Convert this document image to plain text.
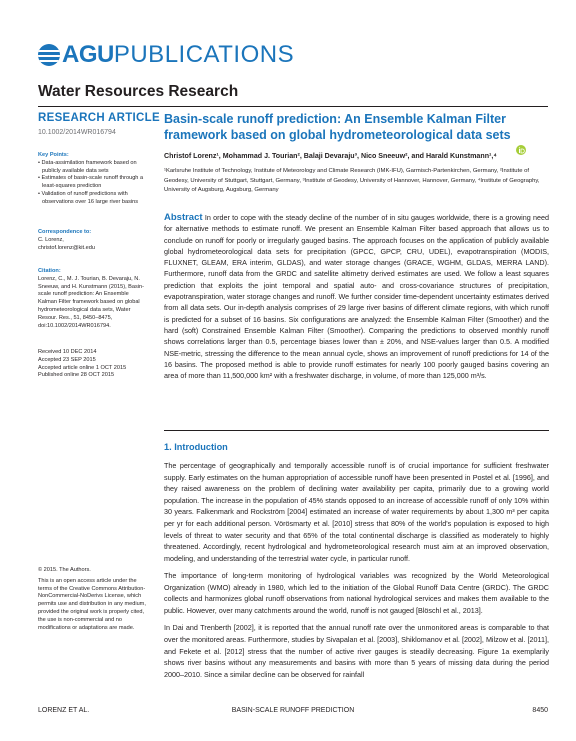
AGU PUBLICATIONS
Water Resources Research
RESEARCH ARTICLE
10.1002/2014WR016794
Basin-scale runoff prediction: An Ensemble Kalman Filter framework based on global hydrometeorological data sets
Christof Lorenz¹, Mohammad J. Tourian², Balaji Devaraju³, Nico Sneeuw², and Harald Kunstmann¹,⁴
¹Karlsruhe Institute of Technology, Institute of Meteorology and Climate Research (IMK-IFU), Garmisch-Partenkirchen, Germany, ²Institute of Geodesy, University of Stuttgart, Stuttgart, Germany, ³Institute of Geodesy, University of Hannover, Hannover, Germany, ⁴Institute of Geography, University of Augsburg, Augsburg, Germany
Key Points:
• Data-assimilation framework based on publicly available data sets
• Estimates of basin-scale runoff through a least-squares prediction
• Validation of runoff predictions with observations over 16 large river basins
Correspondence to:
C. Lorenz,
christof.lorenz@kit.edu
Citation:
Lorenz, C., M. J. Tourian, B. Devaraju, N. Sneeuw, and H. Kunstmann (2015), Basin-scale runoff prediction: An Ensemble Kalman Filter framework based on global hydrometeorological data sets, Water Resour. Res., 51, 8450–8475, doi:10.1002/2014WR016794.
Received 10 DEC 2014
Accepted 23 SEP 2015
Accepted article online 1 OCT 2015
Published online 28 OCT 2015
© 2015. The Authors.
This is an open access article under the terms of the Creative Commons Attribution-NonCommercial-NoDerivs License, which permits use and distribution in any medium, provided the original work is properly cited, the use is non-commercial and no modifications or adaptations are made.
Abstract In order to cope with the steady decline of the number of in situ gauges worldwide, there is a growing need for alternative methods to estimate runoff. We present an Ensemble Kalman Filter based approach that allows us to conclude on runoff for poorly or irregularly gauged basins. The approach focuses on the application of publicly available global hydrometeorological data sets for precipitation (GPCC, GPCP, CRU, UDEL), evapotranspiration (MODIS, FLUXNET, GLEAM, ERA interim, GLDAS), and water storage changes (GRACE, WGHM, GLDAS, MERRA LAND). Furthermore, runoff data from the GRDC and satellite altimetry derived estimates are used. We follow a least squares prediction that exploits the joint temporal and spatial auto- and cross-covariance structures of precipitation, evapotranspiration, water storage changes and runoff. We further consider time-dependent uncertainty estimates derived from all data sets. Our in-depth analysis comprises of 29 large river basins of different climate regions, with which runoff is predicted for a subset of 16 basins. Six configurations are analyzed: the Ensemble Kalman Filter (Smoother) and the hard (soft) Constrained Ensemble Kalman Filter (Smoother). Comparing the predictions to observed monthly runoff shows correlations larger than 0.5, percentage biases lower than ± 20%, and NSE-values larger than 0.5. A modified NSE-metric, stressing the difference to the mean annual cycle, shows an improvement of runoff predictions for 14 of the 16 basins. The proposed method is able to provide runoff estimates for nearly 100 poorly gauged basins covering an area of more than 11,500,000 km² with a freshwater discharge, in volume, of more than 125,000 m³/s.
1. Introduction

The percentage of geographically and temporally accessible runoff is of crucial importance for sufficient freshwater supply. Early estimates on the human appropriation of accessible runoff have been presented in Postel et al. [1996], and they raised awareness on the problem of declining water availability per capita, primarily due to a growing world population. The increase in the population of 45% stands opposed to an increase of accessible runoff of only 10% within 30 years. Falkenmark and Rockström [2004] estimated an increase of water requirements by about 1,300 m³ per capita per yr for each additional person. Vörösmarty et al. [2010] stress that 80% of the world's population is exposed to high levels of threat to water security and that 65% of the total continental discharge is classified as moderately to highly threatened. Accordingly, recent hydrological and hydrometeorological research must aim at an improved observation, modeling, and understanding of the terrestrial water cycle, in particular runoff.

The importance of long-term monitoring of hydrological variables was recognized by the World Meteorological Organization (WMO) already in 1980, which led to the initiation of the Global Runoff Data Centre (GRDC). The GRDC collects and harmonizes global runoff observations from national hydrological services and makes them available to the public. However, over many catchments around the world, runoff is not gauged [Blöschl et al., 2013].

In Dai and Trenberth [2002], it is reported that the annual runoff rate over the unmonitored areas is comparable to that over the monitored areas. Furthermore, studies by Sivapalan et al. [2003], Shiklomanov et al. [2002], Milzow et al. [2011], and Fekete et al. [2012] stress that the number of active river gauges is steadily decreasing. Figure 1a exemplarily shows river basins without any measurements and basins with more than 5 years of missing data during the period 2000–2010. Since a similar decline can be observed for rainfall

LORENZ ET AL.	BASIN-SCALE RUNOFF PREDICTION	8450
